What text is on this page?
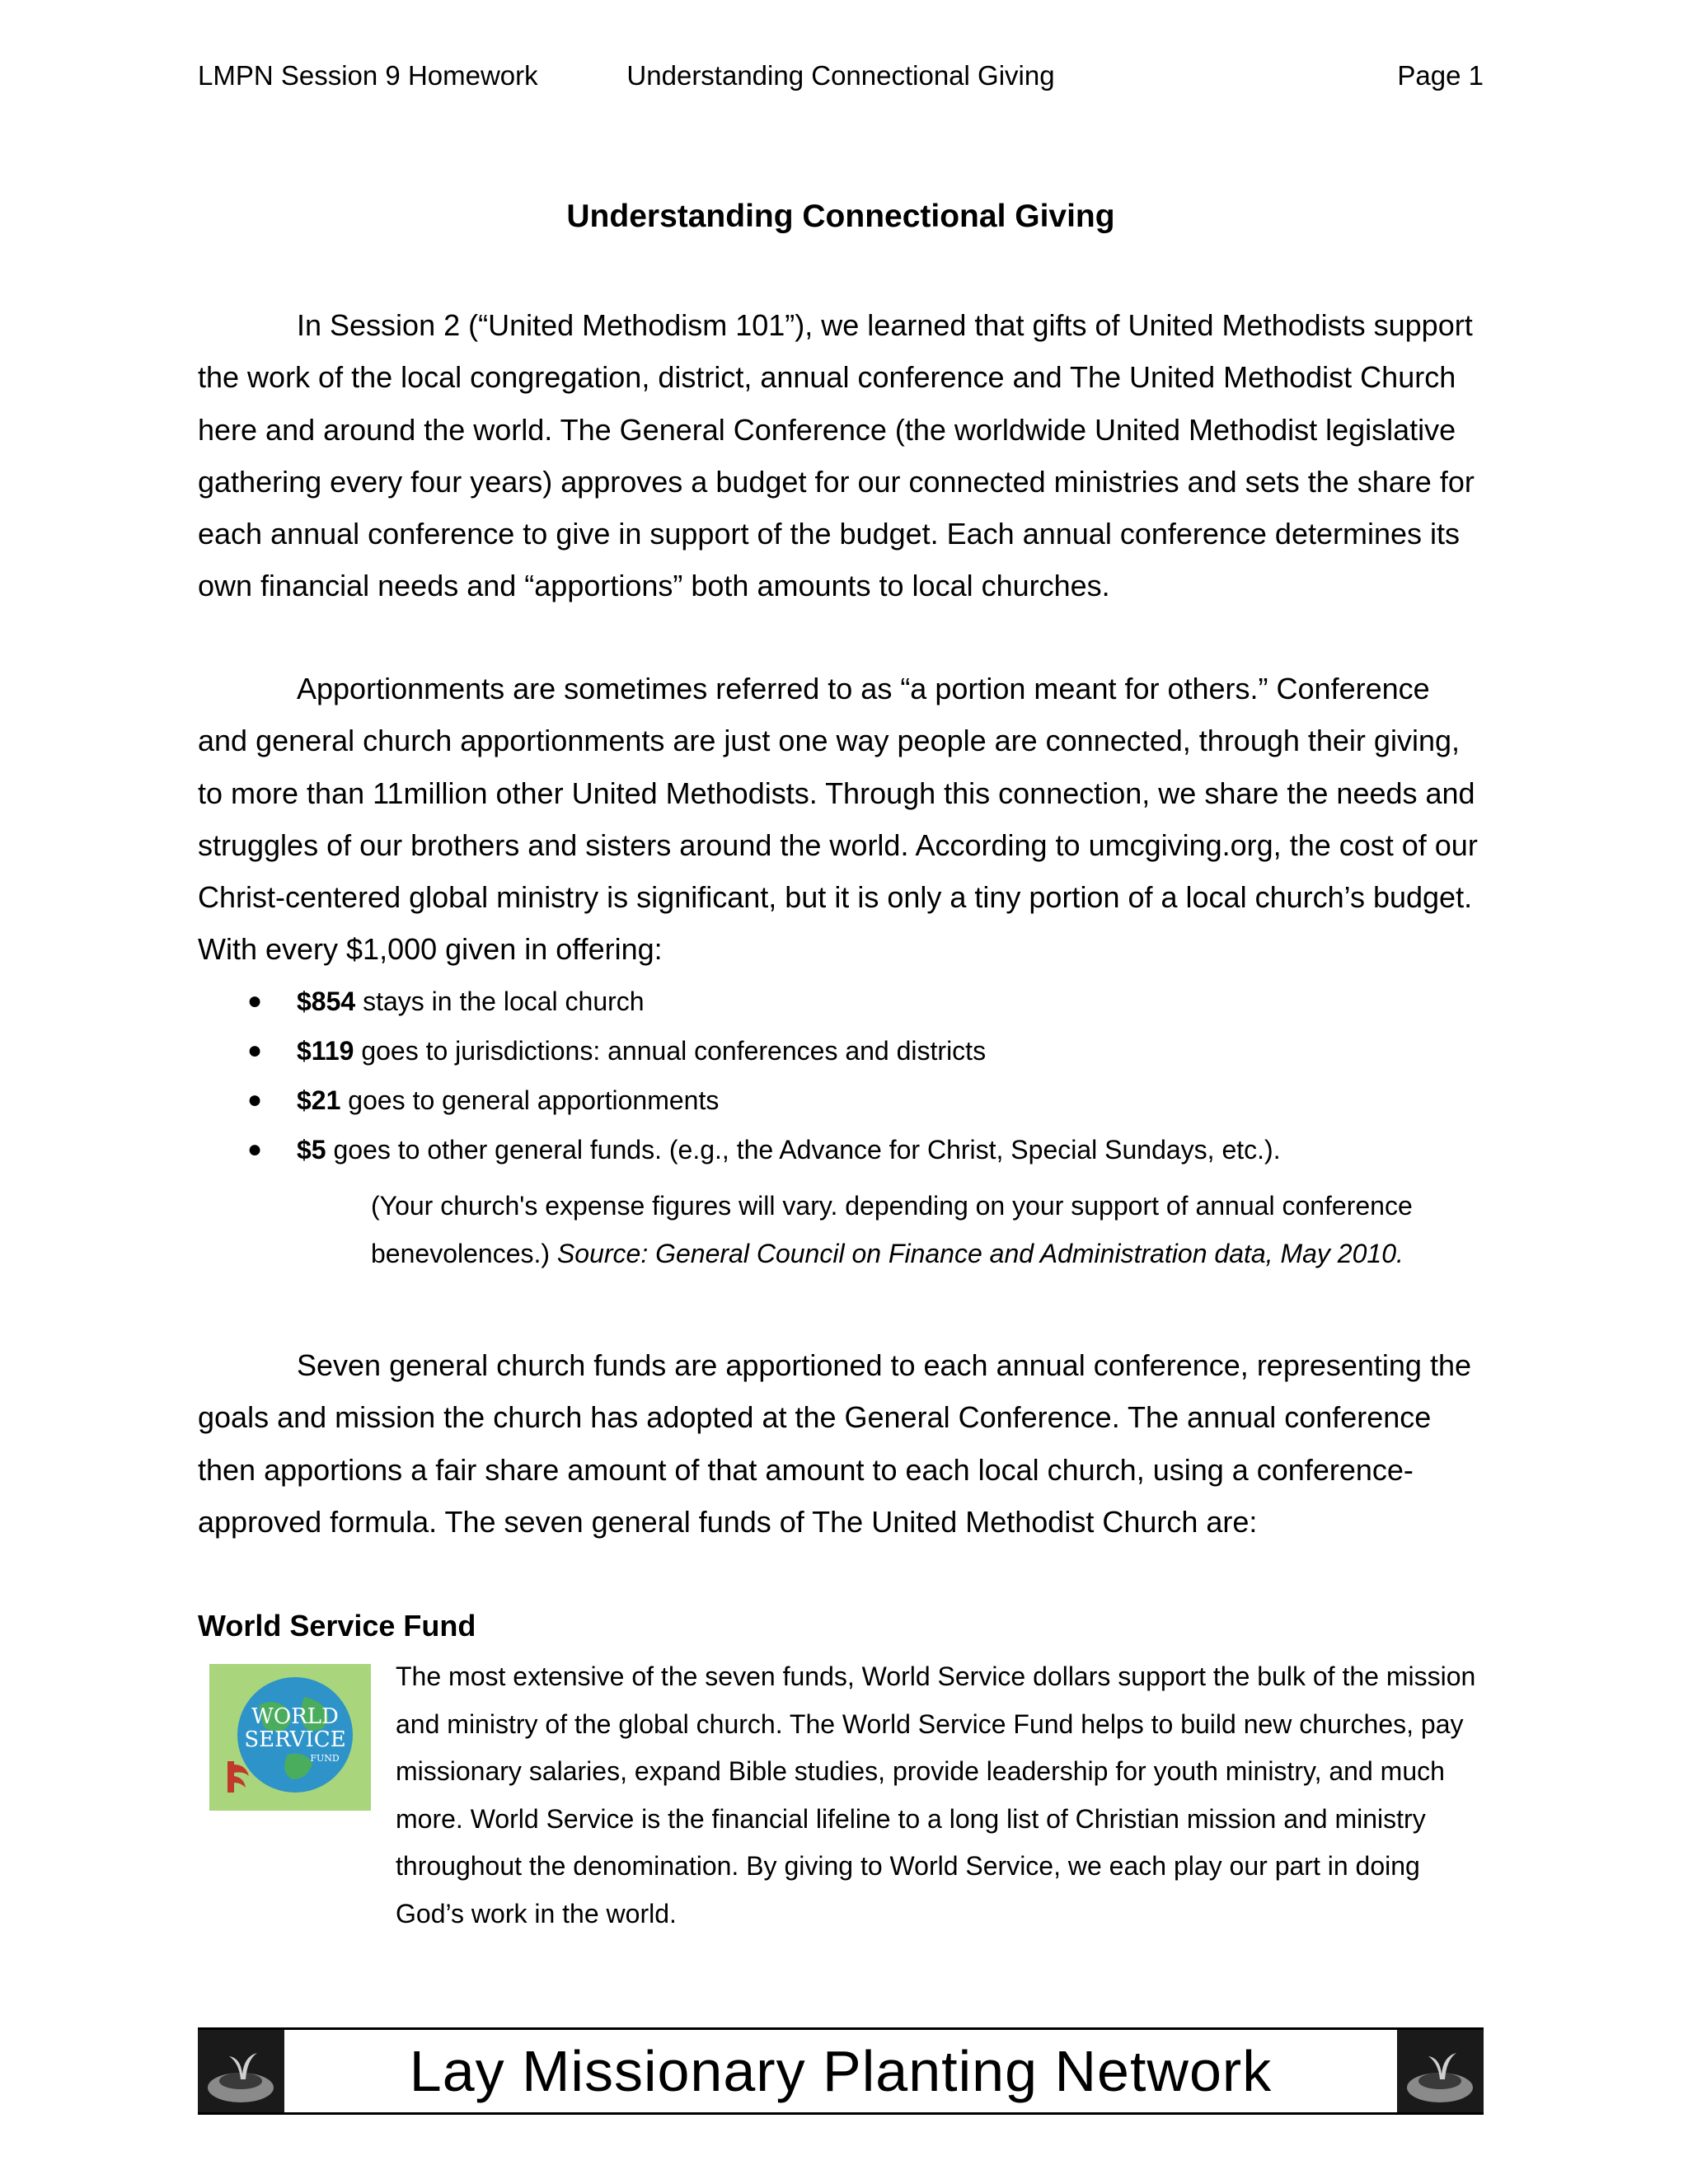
LMPN Session 9 Homework	Understanding Connectional Giving	Page 1
Understanding Connectional Giving

In Session 2 (“United Methodism 101”), we learned that gifts of United Methodists support the work of the local congregation, district, annual conference and The United Methodist Church here and around the world. The General Conference (the worldwide United Methodist legislative gathering every four years) approves a budget for our connected ministries and sets the share for each annual conference to give in support of the budget. Each annual conference determines its own financial needs and “apportions” both amounts to local churches.

Apportionments are sometimes referred to as “a portion meant for others.” Conference and general church apportionments are just one way people are connected, through their giving, to more than 11million other United Methodists. Through this connection, we share the needs and struggles of our brothers and sisters around the world. According to umcgiving.org, the cost of our Christ-centered global ministry is significant, but it is only a tiny portion of a local church’s budget. With every $1,000 given in offering:

● $854 stays in the local church
● $119 goes to jurisdictions: annual conferences and districts
● $21 goes to general apportionments
● $5 goes to other general funds. (e.g., the Advance for Christ, Special Sundays, etc.).

(Your church's expense figures will vary. depending on your support of annual conference benevolences.) Source: General Council on Finance and Administration data, May 2010.

Seven general church funds are apportioned to each annual conference, representing the goals and mission the church has adopted at the General Conference. The annual conference then apportions a fair share amount of that amount to each local church, using a conference-approved formula. The seven general funds of The United Methodist Church are:

World Service Fund
WORLD
SERVICE
FUND

The most extensive of the seven funds, World Service dollars support the bulk of the mission and ministry of the global church. The World Service Fund helps to build new churches, pay missionary salaries, expand Bible studies, provide leadership for youth ministry, and much more. World Service is the financial lifeline to a long list of Christian mission and ministry throughout the denomination. By giving to World Service, we each play our part in doing God’s work in the world.

Lay Missionary Planting Network
